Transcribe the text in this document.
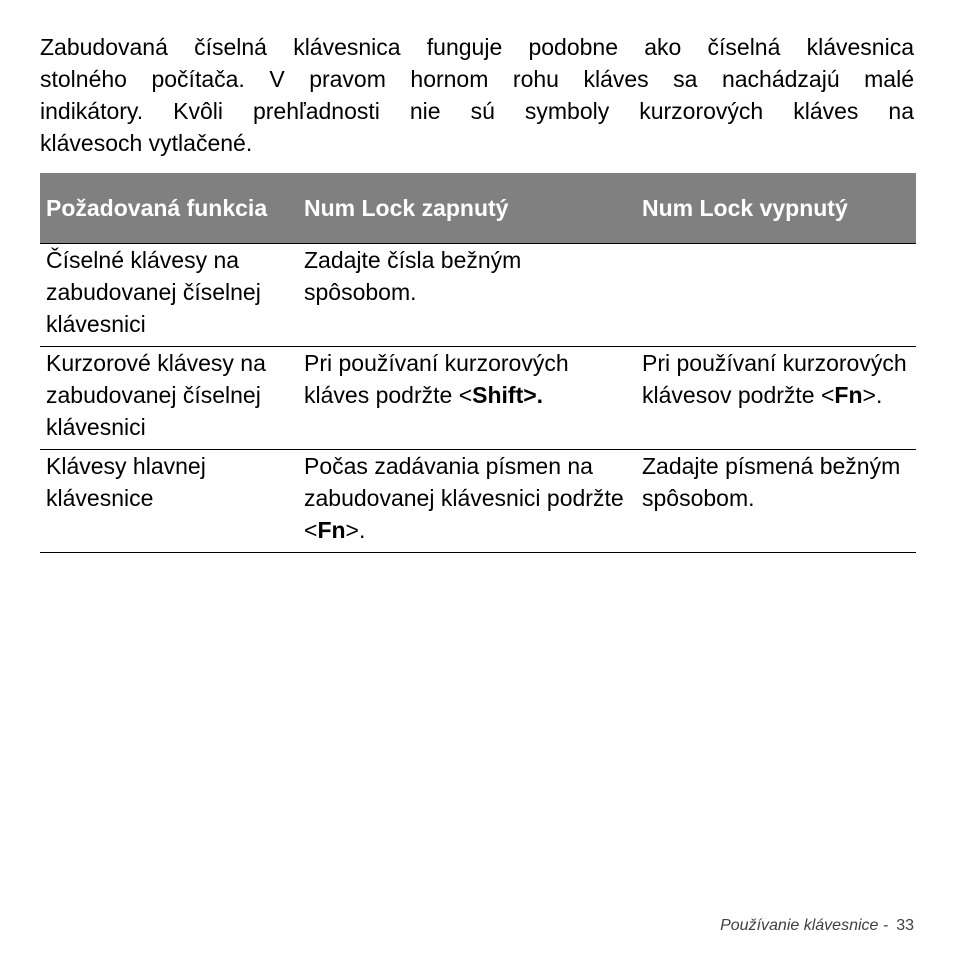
Zabudovaná číselná klávesnica funguje podobne ako číselná klávesnica
stolného počítača. V pravom hornom rohu kláves sa nachádzajú malé
indikátory. Kvôli prehľadnosti nie sú symboly kurzorových kláves na
klávesoch vytlačené.
Požadovaná funkcia	Num Lock zapnutý	Num Lock vypnutý

Číselné klávesy na zabudovanej číselnej klávesnici	Zadajte čísla bežným spôsobom.	

Kurzorové klávesy na zabudovanej číselnej klávesnici	Pri používaní kurzorových kláves podržte <Shift>.	Pri používaní kurzorových klávesov podržte <Fn>.

Klávesy hlavnej klávesnice	Počas zadávania písmen na zabudovanej klávesnici podržte <Fn>.	Zadajte písmená bežným spôsobom.
Používanie klávesnice - 33
